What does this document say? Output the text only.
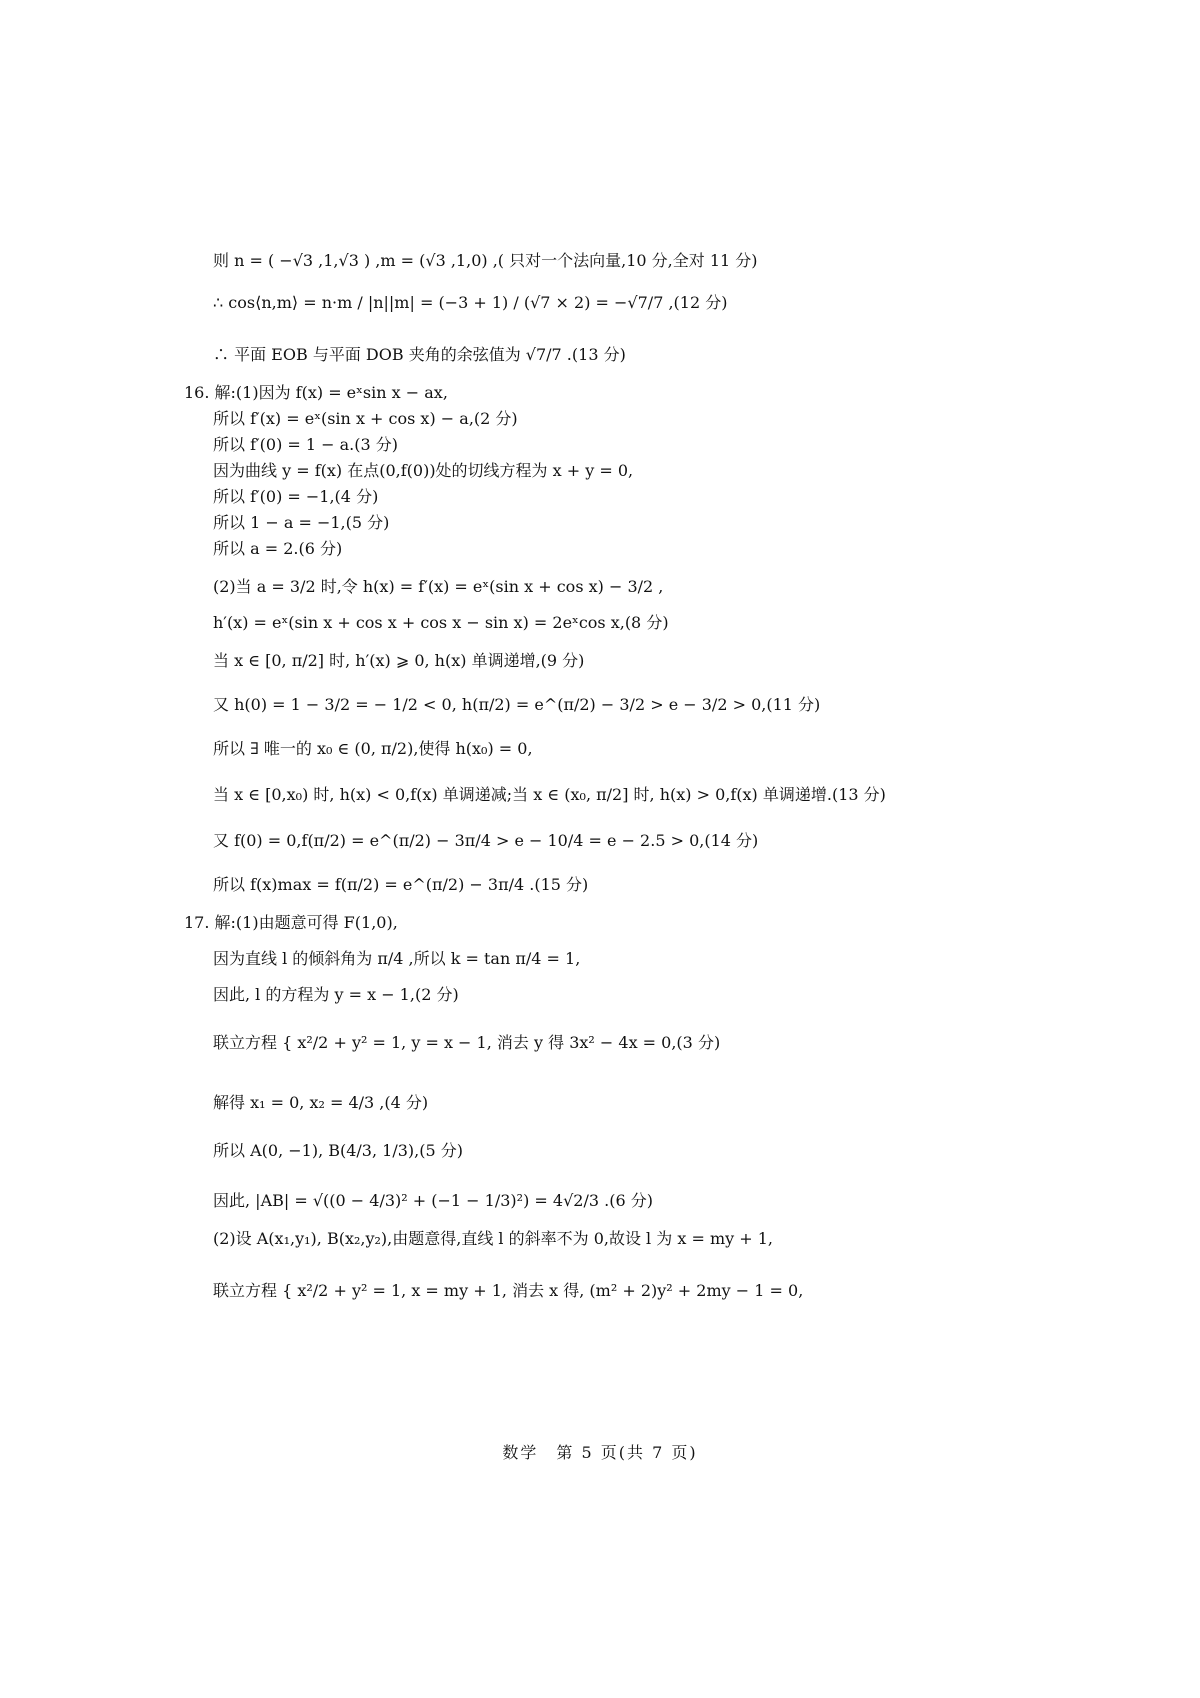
则 n = ( −√3 ,1,√3 ) ,m = (√3 ,1,0) ,( 只对一个法向量,10 分,全对 11 分)
∴ cos⟨n,m⟩ = n·m / |n||m| = (−3 + 1) / (√7 × 2) = −√7/7 ,(12 分)
∴ 平面 EOB 与平面 DOB 夹角的余弦值为 √7/7 .(13 分)
16. 解:(1)因为 f(x) = eˣsin x − ax,
所以 f′(x) = eˣ(sin x + cos x) − a,(2 分)
所以 f′(0) = 1 − a.(3 分)
因为曲线 y = f(x) 在点(0,f(0))处的切线方程为 x + y = 0,
所以 f′(0) = −1,(4 分)
所以 1 − a = −1,(5 分)
所以 a = 2.(6 分)
(2)当 a = 3/2 时,令 h(x) = f′(x) = eˣ(sin x + cos x) − 3/2 ,
h′(x) = eˣ(sin x + cos x + cos x − sin x) = 2eˣcos x,(8 分)
当 x ∈ [0, π/2] 时, h′(x) ⩾ 0, h(x) 单调递增,(9 分)
又 h(0) = 1 − 3/2 = − 1/2 < 0, h(π/2) = e^(π/2) − 3/2 > e − 3/2 > 0,(11 分)
所以 ∃ 唯一的 x₀ ∈ (0, π/2),使得 h(x₀) = 0,
当 x ∈ [0,x₀) 时, h(x) < 0,f(x) 单调递减;当 x ∈ (x₀, π/2] 时, h(x) > 0,f(x) 单调递增.(13 分)
又 f(0) = 0,f(π/2) = e^(π/2) − 3π/4 > e − 10/4 = e − 2.5 > 0,(14 分)
所以 f(x)max = f(π/2) = e^(π/2) − 3π/4 .(15 分)
17. 解:(1)由题意可得 F(1,0),
因为直线 l 的倾斜角为 π/4 ,所以 k = tan π/4 = 1,
因此, l 的方程为 y = x − 1,(2 分)
联立方程 { x²/2 + y² = 1, y = x − 1, 消去 y 得 3x² − 4x = 0,(3 分)
解得 x₁ = 0, x₂ = 4/3 ,(4 分)
所以 A(0, −1), B(4/3, 1/3),(5 分)
因此, |AB| = √((0 − 4/3)² + (−1 − 1/3)²) = 4√2/3 .(6 分)
(2)设 A(x₁,y₁), B(x₂,y₂),由题意得,直线 l 的斜率不为 0,故设 l 为 x = my + 1,
联立方程 { x²/2 + y² = 1, x = my + 1, 消去 x 得, (m² + 2)y² + 2my − 1 = 0,
数学　第 5 页(共 7 页)
